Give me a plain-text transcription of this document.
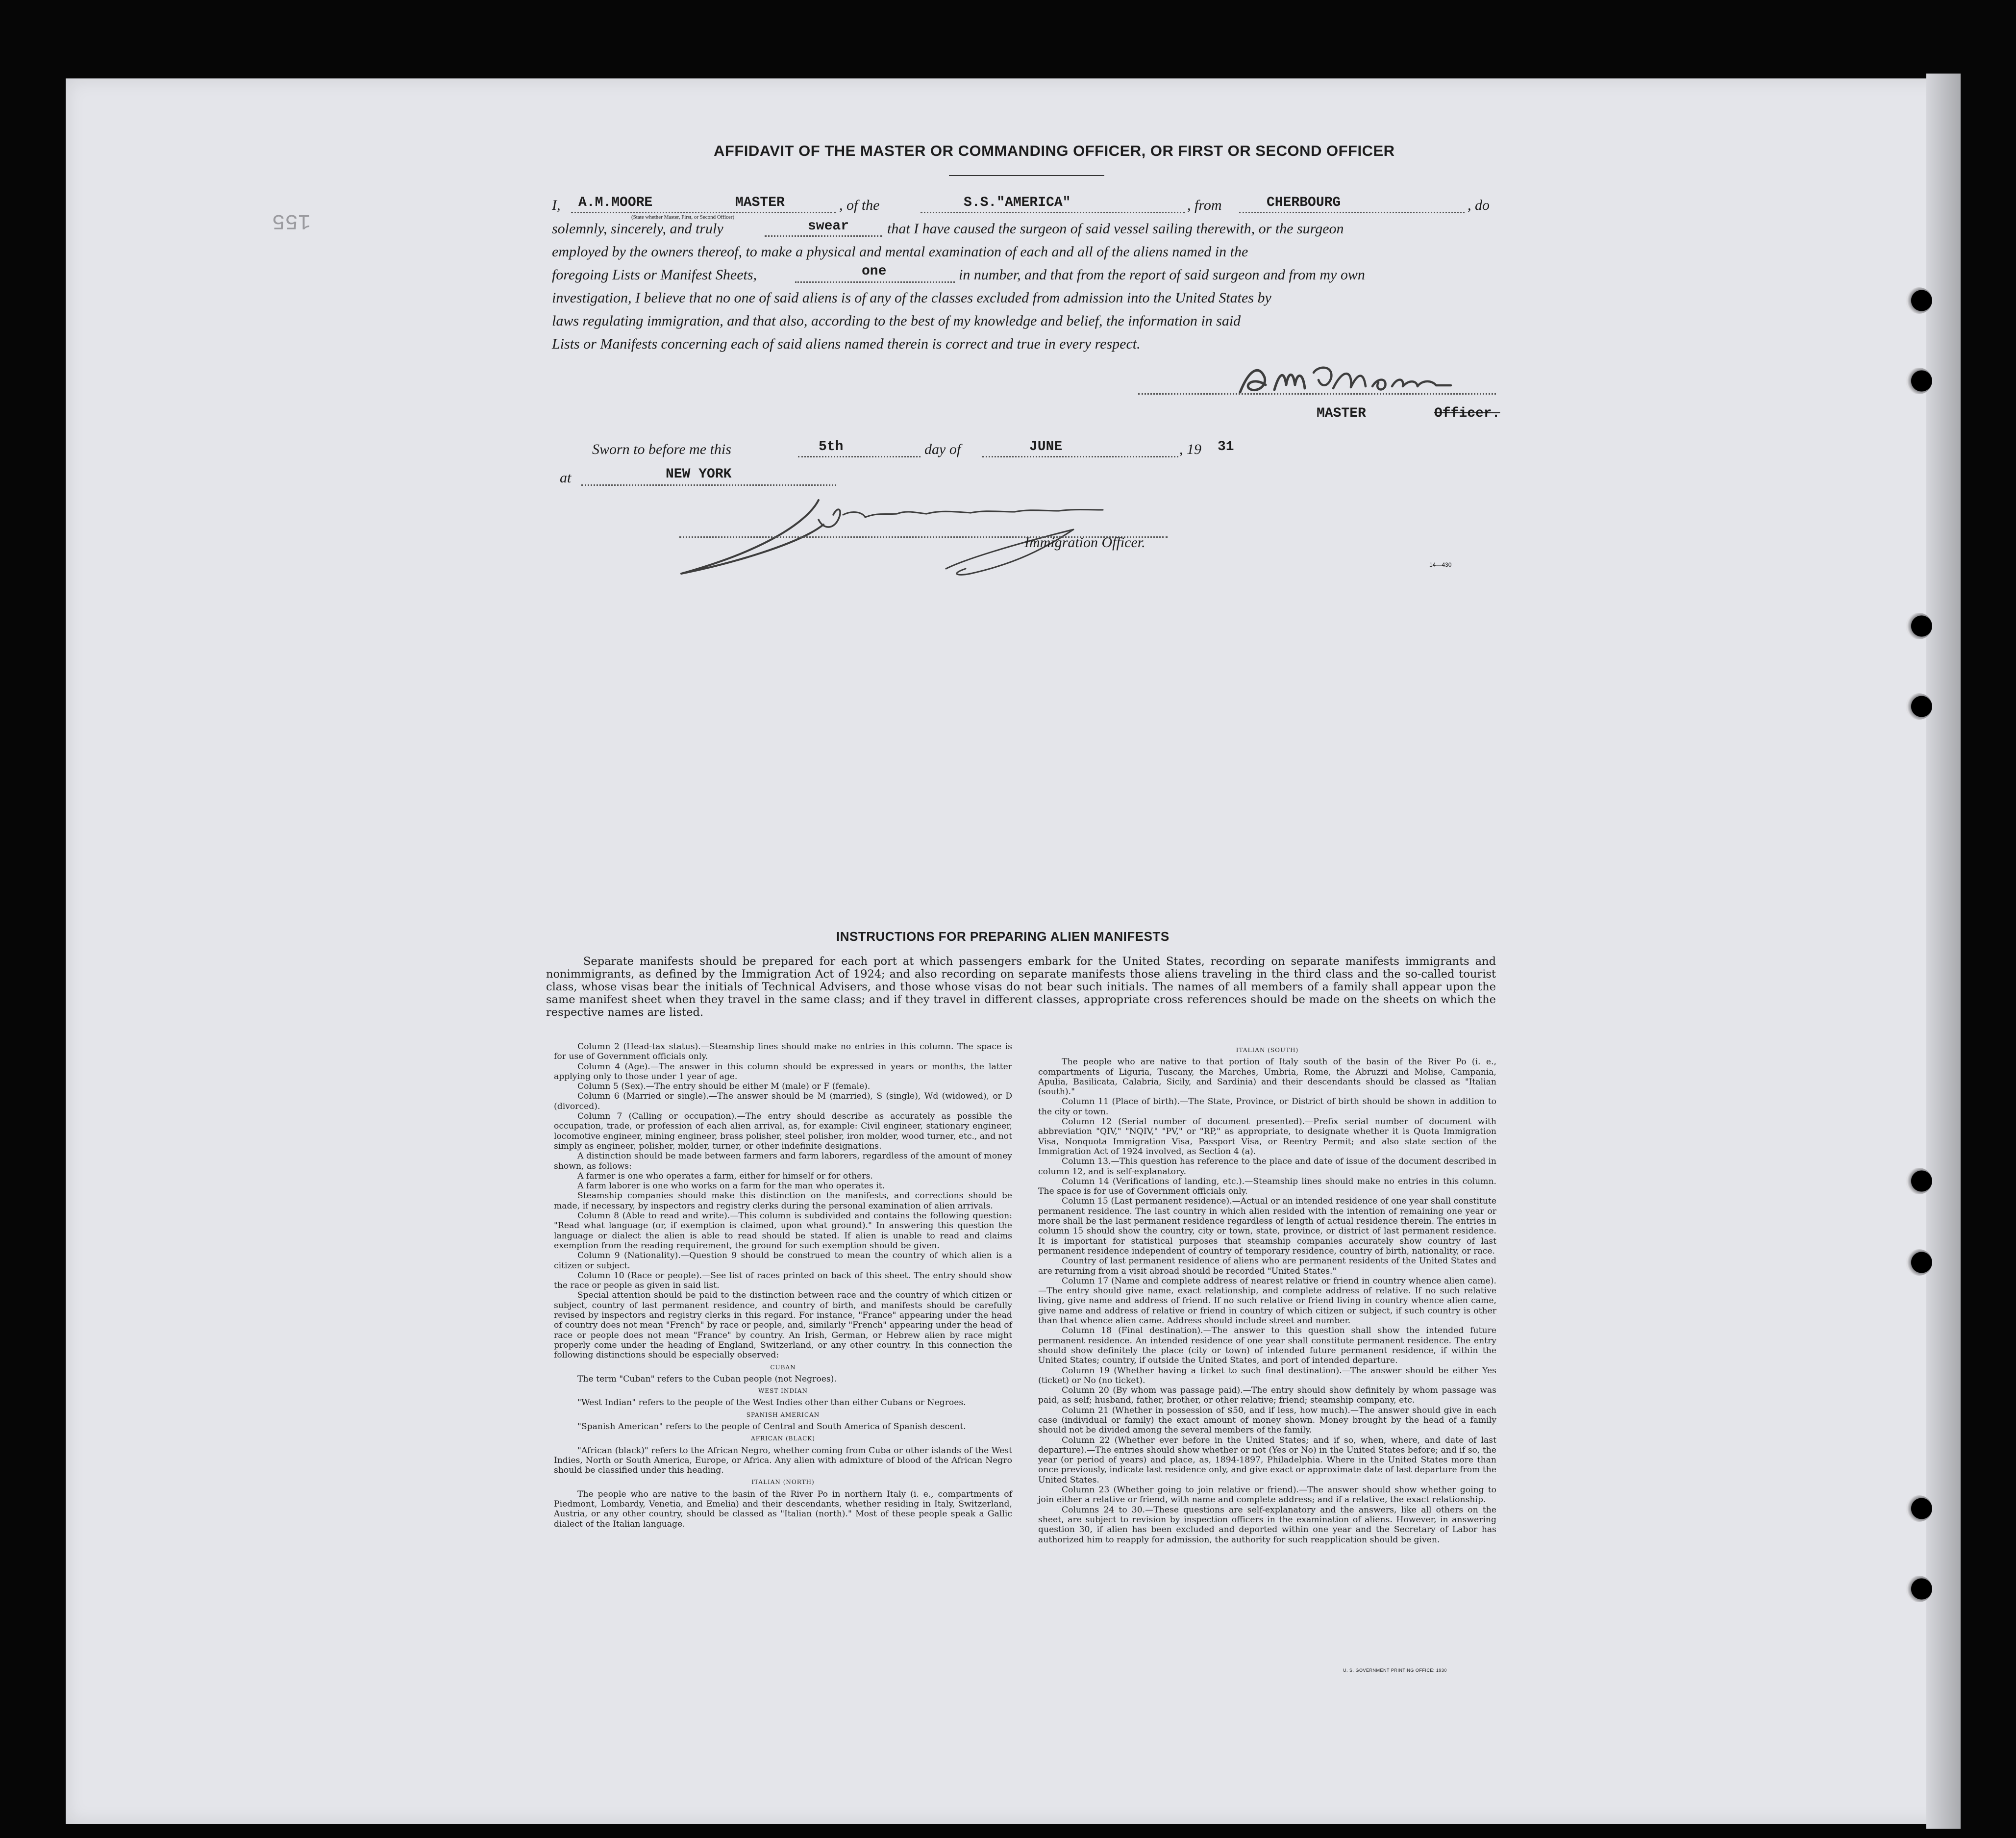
155
AFFIDAVIT OF THE MASTER OR COMMANDING OFFICER, OR FIRST OR SECOND OFFICER
I, A.M.MOORE	MASTER	, of the	S.S."AMERICA"	, from	CHERBOURG	, do
(State whether Master, First, or Second Officer)
solemnly, sincerely, and truly	swear	that I have caused the surgeon of said vessel sailing therewith, or the surgeon
employed by the owners thereof, to make a physical and mental examination of each and all of the aliens named in the
foregoing Lists or Manifest Sheets,	one	in number, and that from the report of said surgeon and from my own
investigation, I believe that no one of said aliens is of any of the classes excluded from admission into the United States by
laws regulating immigration, and that also, according to the best of my knowledge and belief, the information in said
Lists or Manifests concerning each of said aliens named therein is correct and true in every respect.
MASTER	Officer.
Sworn to before me this	5th	day of	JUNE	, 19 31
at	NEW YORK
Immigration Officer.
14—430
INSTRUCTIONS FOR PREPARING ALIEN MANIFESTS
Separate manifests should be prepared for each port at which passengers embark for the United States, recording on separate manifests immigrants and nonimmigrants, as defined by the Immigration Act of 1924; and also recording on separate manifests those aliens traveling in the third class and the so-called tourist class, whose visas bear the initials of Technical Advisers, and those whose visas do not bear such initials. The names of all members of a family shall appear upon the same manifest sheet when they travel in the same class; and if they travel in different classes, appropriate cross references should be made on the sheets on which the respective names are listed.

Column 2 (Head-tax status).—Steamship lines should make no entries in this column. The space is for use of Government officials only.

Column 4 (Age).—The answer in this column should be expressed in years or months, the latter applying only to those under 1 year of age.

Column 5 (Sex).—The entry should be either M (male) or F (female).

Column 6 (Married or single).—The answer should be M (married), S (single), Wd (widowed), or D (divorced).

Column 7 (Calling or occupation).—The entry should describe as accurately as possible the occupation, trade, or profession of each alien arrival, as, for example: Civil engineer, stationary engineer, locomotive engineer, mining engineer, brass polisher, steel polisher, iron molder, wood turner, etc., and not simply as engineer, polisher, molder, turner, or other indefinite designations.

A distinction should be made between farmers and farm laborers, regardless of the amount of money shown, as follows:

A farmer is one who operates a farm, either for himself or for others.

A farm laborer is one who works on a farm for the man who operates it.

Steamship companies should make this distinction on the manifests, and corrections should be made, if necessary, by inspectors and registry clerks during the personal examination of alien arrivals.

Column 8 (Able to read and write).—This column is subdivided and contains the following question: "Read what language (or, if exemption is claimed, upon what ground)." In answering this question the language or dialect the alien is able to read should be stated. If alien is unable to read and claims exemption from the reading requirement, the ground for such exemption should be given.

Column 9 (Nationality).—Question 9 should be construed to mean the country of which alien is a citizen or subject.

Column 10 (Race or people).—See list of races printed on back of this sheet. The entry should show the race or people as given in said list.

Special attention should be paid to the distinction between race and the country of which citizen or subject, country of last permanent residence, and country of birth, and manifests should be carefully revised by inspectors and registry clerks in this regard. For instance, "France" appearing under the head of country does not mean "French" by race or people, and, similarly "French" appearing under the head of race or people does not mean "France" by country. An Irish, German, or Hebrew alien by race might properly come under the heading of England, Switzerland, or any other country. In this connection the following distinctions should be especially observed:

CUBAN

The term "Cuban" refers to the Cuban people (not Negroes).

WEST INDIAN

"West Indian" refers to the people of the West Indies other than either Cubans or Negroes.

SPANISH AMERICAN

"Spanish American" refers to the people of Central and South America of Spanish descent.

AFRICAN (BLACK)

"African (black)" refers to the African Negro, whether coming from Cuba or other islands of the West Indies, North or South America, Europe, or Africa. Any alien with admixture of blood of the African Negro should be classified under this heading.

ITALIAN (NORTH)

The people who are native to the basin of the River Po in northern Italy (i. e., compartments of Piedmont, Lombardy, Venetia, and Emelia) and their descendants, whether residing in Italy, Switzerland, Austria, or any other country, should be classed as "Italian (north)." Most of these people speak a Gallic dialect of the Italian language.

ITALIAN (SOUTH)

The people who are native to that portion of Italy south of the basin of the River Po (i. e., compartments of Liguria, Tuscany, the Marches, Umbria, Rome, the Abruzzi and Molise, Campania, Apulia, Basilicata, Calabria, Sicily, and Sardinia) and their descendants should be classed as "Italian (south)."

Column 11 (Place of birth).—The State, Province, or District of birth should be shown in addition to the city or town.

Column 12 (Serial number of document presented).—Prefix serial number of document with abbreviation "QIV," "NQIV," "PV," or "RP," as appropriate, to designate whether it is Quota Immigration Visa, Nonquota Immigration Visa, Passport Visa, or Reentry Permit; and also state section of the Immigration Act of 1924 involved, as Section 4 (a).

Column 13.—This question has reference to the place and date of issue of the document described in column 12, and is self-explanatory.

Column 14 (Verifications of landing, etc.).—Steamship lines should make no entries in this column. The space is for use of Government officials only.

Column 15 (Last permanent residence).—Actual or an intended residence of one year shall constitute permanent residence. The last country in which alien resided with the intention of remaining one year or more shall be the last permanent residence regardless of length of actual residence therein. The entries in column 15 should show the country, city or town, state, province, or district of last permanent residence. It is important for statistical purposes that steamship companies accurately show country of last permanent residence independent of country of temporary residence, country of birth, nationality, or race.

Country of last permanent residence of aliens who are permanent residents of the United States and are returning from a visit abroad should be recorded "United States."

Column 17 (Name and complete address of nearest relative or friend in country whence alien came).—The entry should give name, exact relationship, and complete address of relative. If no such relative living, give name and address of friend. If no such relative or friend living in country whence alien came, give name and address of relative or friend in country of which citizen or subject, if such country is other than that whence alien came. Address should include street and number.

Column 18 (Final destination).—The answer to this question shall show the intended future permanent residence. An intended residence of one year shall constitute permanent residence. The entry should show definitely the place (city or town) of intended future permanent residence, if within the United States; country, if outside the United States, and port of intended departure.

Column 19 (Whether having a ticket to such final destination).—The answer should be either Yes (ticket) or No (no ticket).

Column 20 (By whom was passage paid).—The entry should show definitely by whom passage was paid, as self; husband, father, brother, or other relative; friend; steamship company, etc.

Column 21 (Whether in possession of $50, and if less, how much).—The answer should give in each case (individual or family) the exact amount of money shown. Money brought by the head of a family should not be divided among the several members of the family.

Column 22 (Whether ever before in the United States; and if so, when, where, and date of last departure).—The entries should show whether or not (Yes or No) in the United States before; and if so, the year (or period of years) and place, as, 1894-1897, Philadelphia. Where in the United States more than once previously, indicate last residence only, and give exact or approximate date of last departure from the United States.

Column 23 (Whether going to join relative or friend).—The answer should show whether going to join either a relative or friend, with name and complete address; and if a relative, the exact relationship.

Columns 24 to 30.—These questions are self-explanatory and the answers, like all others on the sheet, are subject to revision by inspection officers in the examination of aliens. However, in answering question 30, if alien has been excluded and deported within one year and the Secretary of Labor has authorized him to reapply for admission, the authority for such reapplication should be given.

U. S. GOVERNMENT PRINTING OFFICE: 1930
